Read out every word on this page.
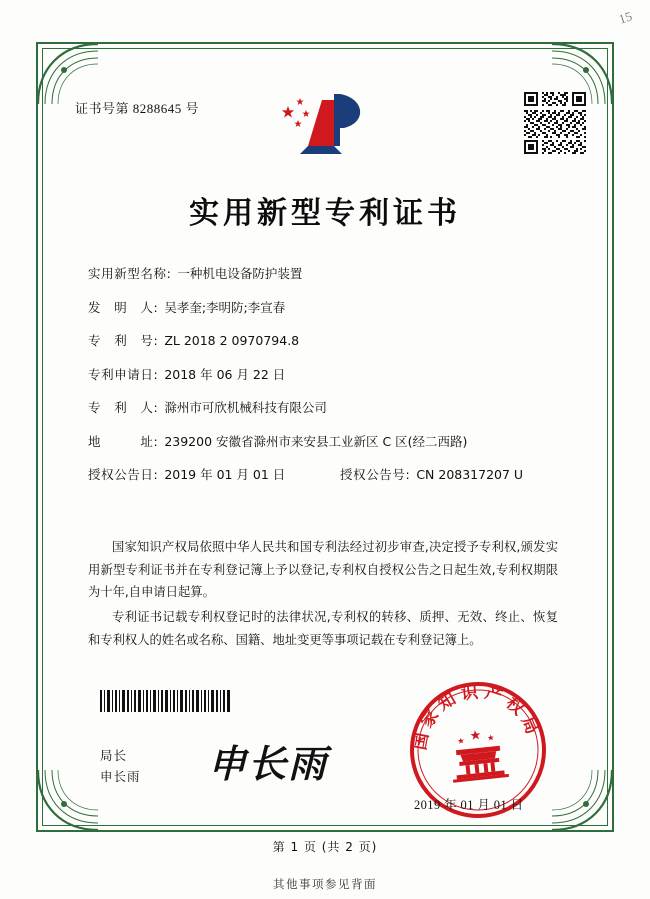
15
证书号第 8288645 号
实用新型专利证书
实用新型名称: 一种机电设备防护装置
发　明　人: 吴孝奎;李明防;李宣春
专　利　号: ZL 2018 2 0970794.8
专利申请日: 2018 年 06 月 22 日
专　利　人: 滁州市可欣机械科技有限公司
地　　　址: 239200 安徽省滁州市来安县工业新区 C 区(经二西路)
授权公告日: 2019 年 01 月 01 日	授权公告号: CN 208317207 U

国家知识产权局依照中华人民共和国专利法经过初步审查,决定授予专利权,颁发实用新型专利证书并在专利登记簿上予以登记,专利权自授权公告之日起生效,专利权期限为十年,自申请日起算。

专利证书记载专利权登记时的法律状况,专利权的转移、质押、无效、终止、恢复和专利权人的姓名或名称、国籍、地址变更等事项记载在专利登记簿上。

局长
申长雨 申长雨
国家知识产权局
2019 年 01 月 01 日
第 1 页 (共 2 页)
其他事项参见背面
